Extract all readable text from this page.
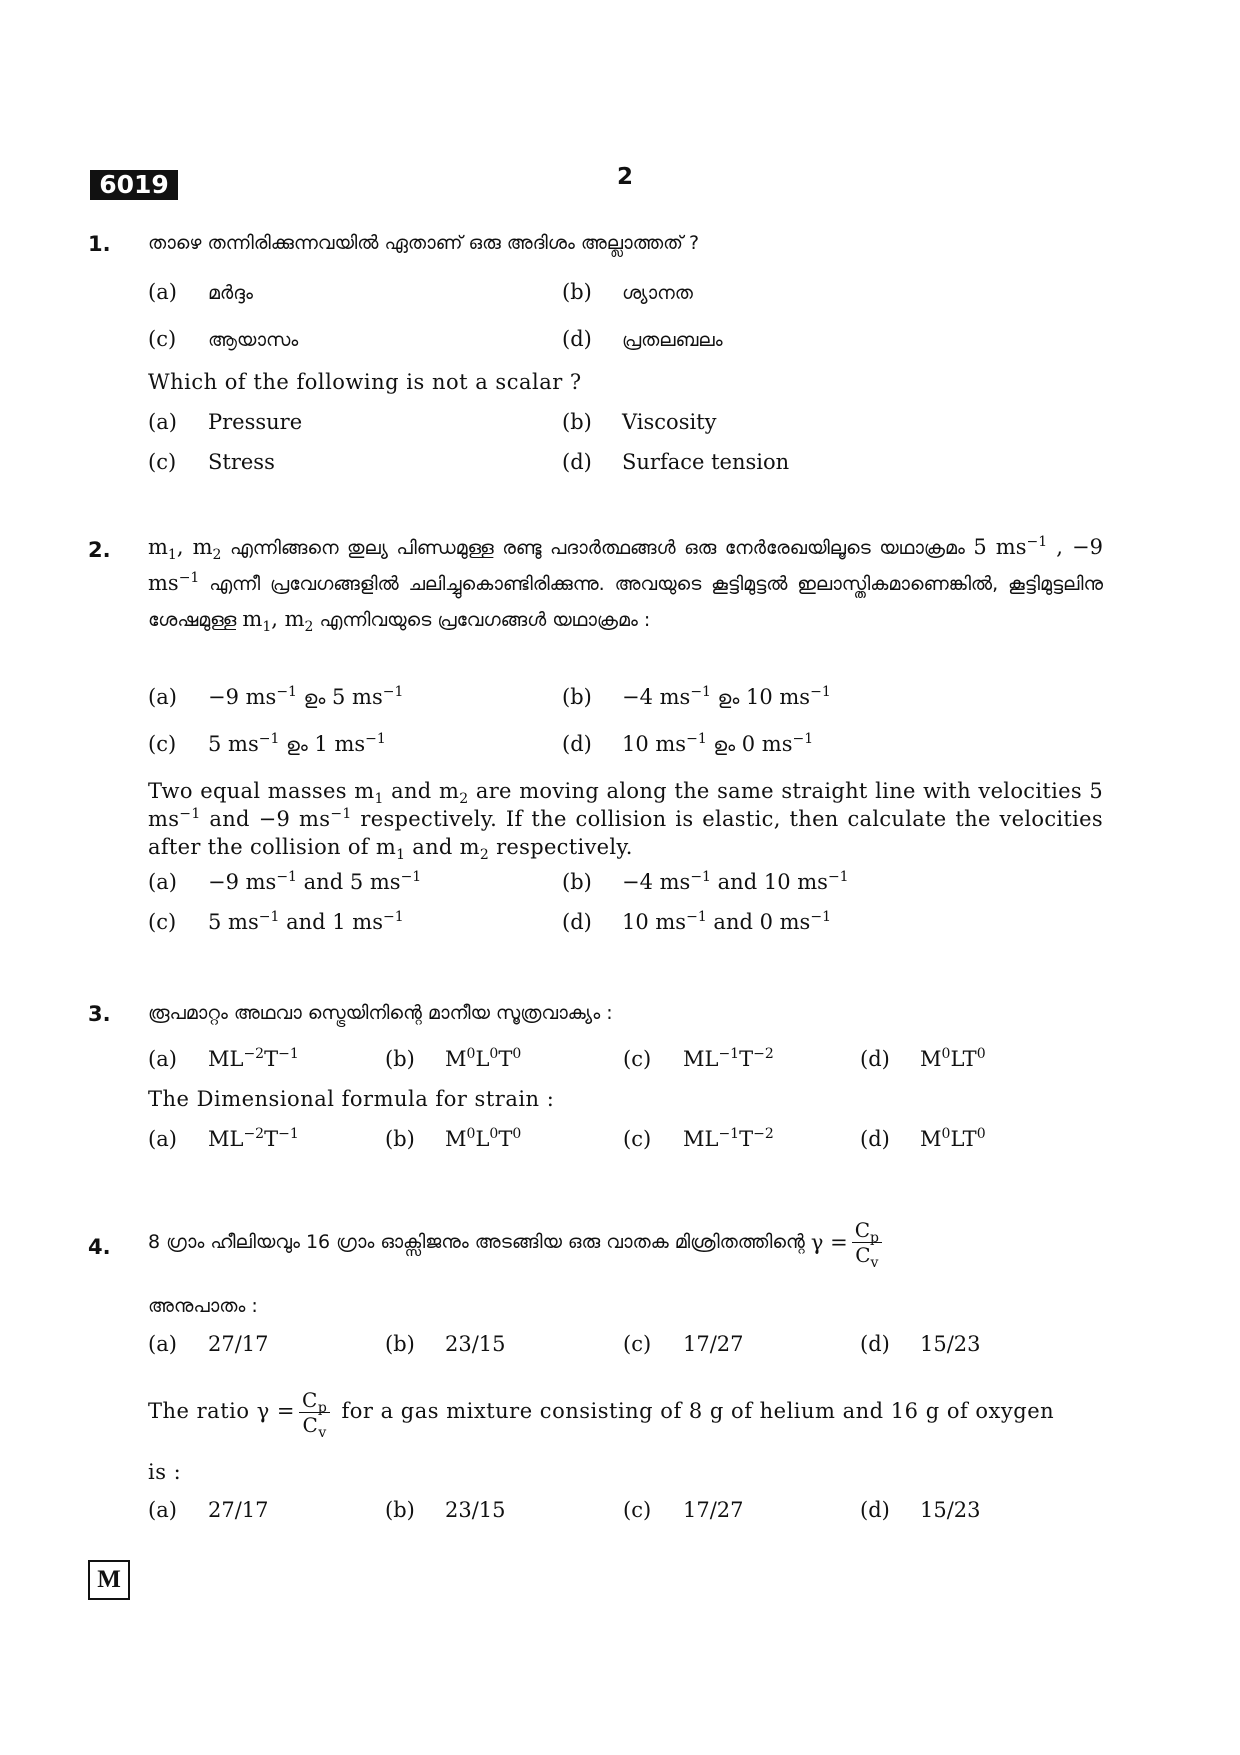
6019	2
1. താഴെ തന്നിരിക്കുന്നവയിൽ ഏതാണ് ഒരു അദിശം അല്ലാത്തത് ?
(a) മർദ്ദം	(b) ശ്യാനത
(c) ആയാസം	(d) പ്രതലബലം
Which of the following is not a scalar ?
(a) Pressure	(b) Viscosity
(c) Stress	(d) Surface tension
2. $m_1$, $m_2$ എന്നിങ്ങനെ തുല്യ പിണ്ഡമുള്ള രണ്ടു പദാർത്ഥങ്ങൾ ഒരു നേർരേഖയിലൂടെ യഥാക്രമം 5 $ms^{-1}$ , −9 $ms^{-1}$ എന്നീ പ്രവേഗങ്ങളിൽ ചലിച്ചുകൊണ്ടിരിക്കുന്നു. അവയുടെ കൂട്ടിമുട്ടൽ ഇലാസ്തികമാണെങ്കിൽ, കൂട്ടിമുട്ടലിനു ശേഷമുള്ള $m_1$, $m_2$ എന്നിവയുടെ പ്രവേഗങ്ങൾ യഥാക്രമം :
(a) −9 $ms^{-1}$ ഉം 5 $ms^{-1}$	(b) −4 $ms^{-1}$ ഉം 10 $ms^{-1}$
(c) 5 $ms^{-1}$ ഉം 1 $ms^{-1}$	(d) 10 $ms^{-1}$ ഉം 0 $ms^{-1}$
Two equal masses $m_1$ and $m_2$ are moving along the same straight line with velocities 5 $ms^{-1}$ and −9 $ms^{-1}$ respectively. If the collision is elastic, then calculate the velocities after the collision of $m_1$ and $m_2$ respectively.
(a) −9 $ms^{-1}$ and 5 $ms^{-1}$	(b) −4 $ms^{-1}$ and 10 $ms^{-1}$
(c) 5 $ms^{-1}$ and 1 $ms^{-1}$	(d) 10 $ms^{-1}$ and 0 $ms^{-1}$
3. രൂപമാറ്റം അഥവാ സ്ട്രെയിനിന്റെ മാനീയ സൂത്രവാക്യം :
(a) $ML^{-2}T^{-1}$	(b) $M^0L^0T^0$	(c) $ML^{-1}T^{-2}$	(d) $M^0LT^0$
The Dimensional formula for strain :
(a) $ML^{-2}T^{-1}$	(b) $M^0L^0T^0$	(c) $ML^{-1}T^{-2}$	(d) $M^0LT^0$
4. 8 ഗ്രാം ഹീലിയവും 16 ഗ്രാം ഓക്സിജനും അടങ്ങിയ ഒരു വാതക മിശ്രിതത്തിന്റെ $\gamma = \frac{C_p}{C_v}$
അനുപാതം :
(a) 27/17	(b) 23/15	(c) 17/27	(d) 15/23
The ratio $\gamma = \frac{C_p}{C_v}$ for a gas mixture consisting of 8 g of helium and 16 g of oxygen
is :
(a) 27/17	(b) 23/15	(c) 17/27	(d) 15/23
M
